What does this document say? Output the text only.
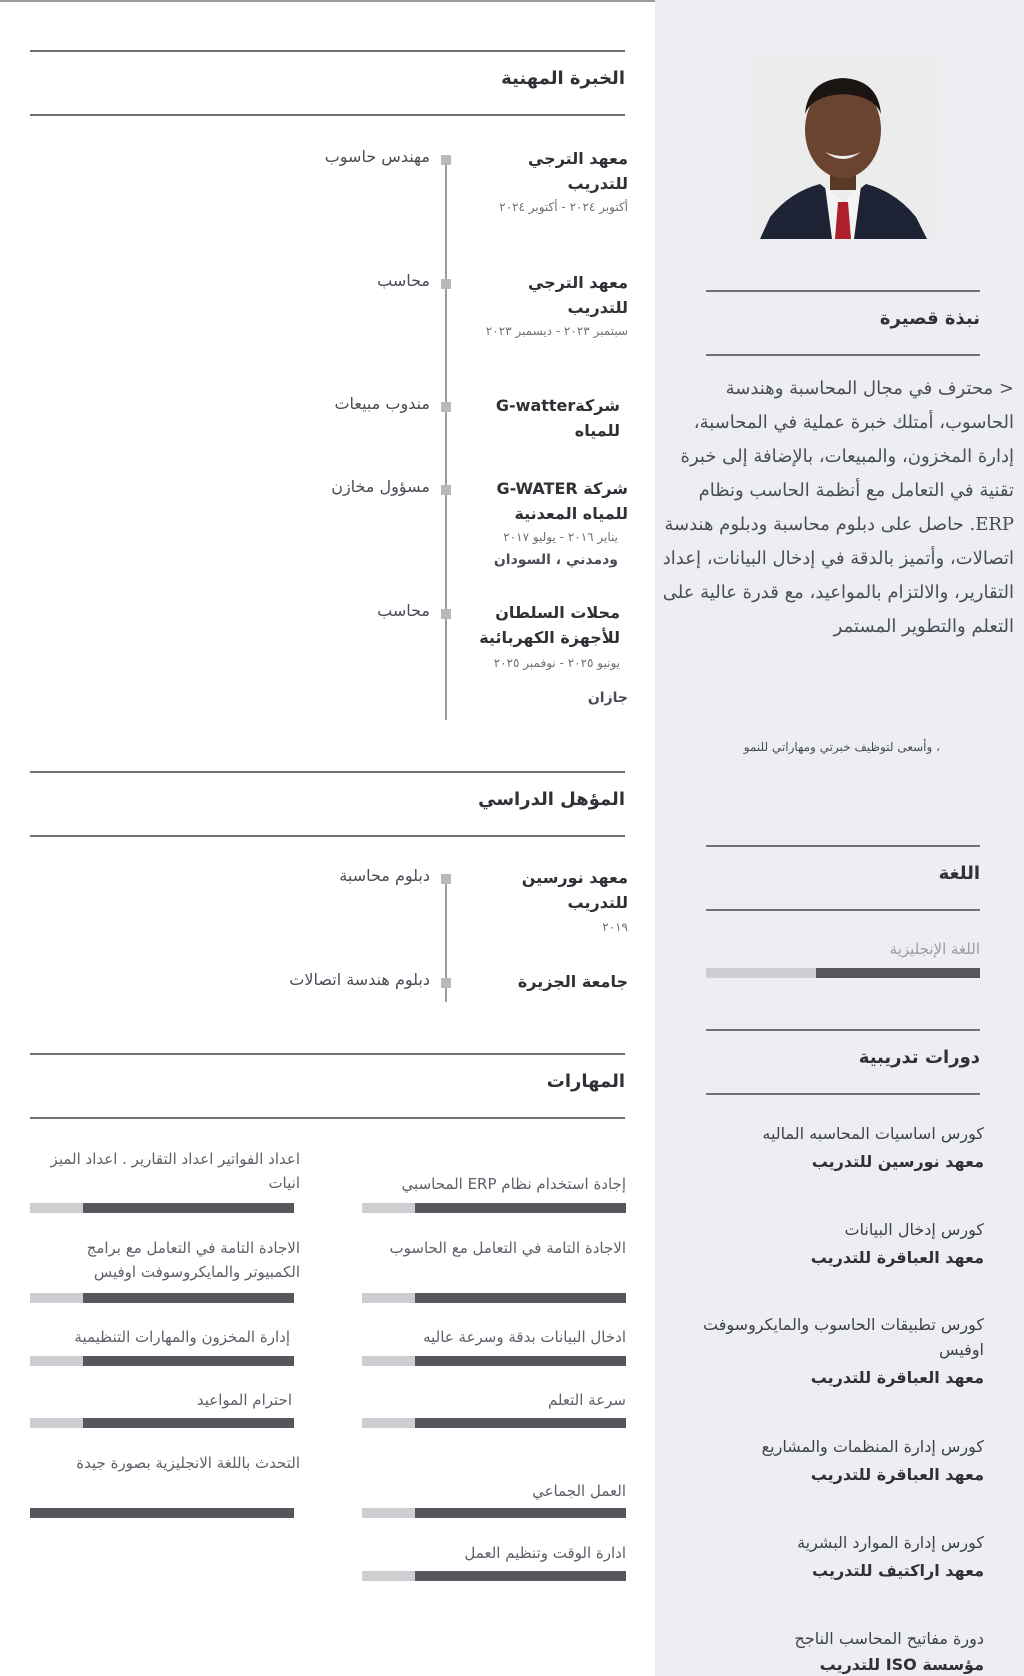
نبذة قصيرة
< محترف في مجال المحاسبة وهندسة الحاسوب، أمتلك خبرة عملية في المحاسبة، إدارة المخزون، والمبيعات، بالإضافة إلى خبرة تقنية في التعامل مع أنظمة الحاسب ونظام ERP. حاصل على دبلوم محاسبة ودبلوم هندسة اتصالات، وأتميز بالدقة في إدخال البيانات، إعداد التقارير، والالتزام بالمواعيد، مع قدرة عالية على التعلم والتطوير المستمر
، وأسعى لتوظيف خبرتي ومهاراتي للنمو
اللغة
اللغة الإنجليزية
دورات تدريبية
كورس اساسيات المحاسبه الماليه
معهد نورسين للتدريب
كورس إدخال البيانات
معهد العباقرة للتدريب
كورس تطبيقات الحاسوب والمايكروسوفت اوفيس
معهد العباقرة للتدريب
كورس إدارة المنظمات والمشاريع
معهد العباقرة للتدريب
كورس إدارة الموارد البشرية
معهد اراكتيف للتدريب
دورة مفاتيح المحاسب الناجح
مؤسسة ISO للتدريب
الخبرة المهنية
معهد الترجي للتدريب
أكتوبر ٢٠٢٤ - أكتوبر ٢٠٢٤
مهندس حاسوب
معهد الترجي للتدريب
سبتمبر ٢٠٢٣ - ديسمبر ٢٠٢٣
محاسب
شركةG-watter للمياه
مندوب مبيعات
شركة G-WATER للمياه المعدنية
يناير ٢٠١٦ - يوليو ٢٠١٧
ودمدني ، السودان
مسؤول مخازن
محلات السلطان للأجهزة الكهربائية
يونيو ٢٠٢٥ - نوفمبر ٢٠٢٥
جازان
محاسب
المؤهل الدراسي
معهد نورسين للتدريب
٢٠١٩
دبلوم محاسبة
جامعة الجزيرة
دبلوم هندسة اتصالات
المهارات
إجادة استخدام نظام ERP المحاسبي
اعداد الفواتير اعداد التقارير . اعداد الميز انيات
الاجادة التامة في التعامل مع الحاسوب
الاجادة التامة في التعامل مع برامج الكمبيوتر والمايكروسوفت اوفيس
ادخال البيانات بدقة وسرعة عاليه
إدارة المخزون والمهارات التنظيمية
سرعة التعلم
احترام المواعيد
العمل الجماعي
التحدث باللغة الانجليزية بصورة جيدة
ادارة الوقت وتنظيم العمل
